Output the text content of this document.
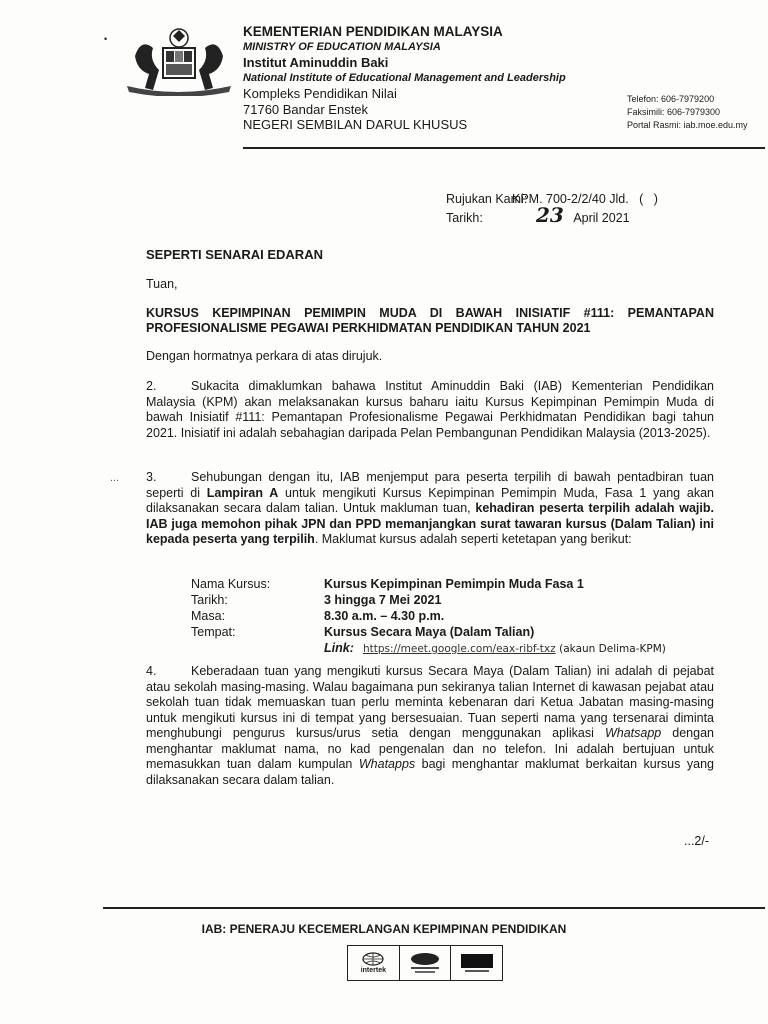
•	KEMENTERIAN PENDIDIKAN MALAYSIA
MINISTRY OF EDUCATION MALAYSIA
Institut Aminuddin Baki
National Institute of Educational Management and Leadership
Kompleks Pendidikan Nilai
71760 Bandar Enstek
NEGERI SEMBILAN DARUL KHUSUS
Telefon: 606-7979200
Faksimili: 606-7979300
Portal Rasmi: iab.moe.edu.my
Rujukan Kami:KPM. 700-2/2/40 Jld.   (   )
Tarikh:	23 April 2021
SEPERTI SENARAI EDARAN
Tuan,
KURSUS KEPIMPINAN PEMIMPIN MUDA DI BAWAH INISIATIF #111: PEMANTAPAN PROFESIONALISME PEGAWAI PERKHIDMATAN PENDIDIKAN TAHUN 2021
Dengan hormatnya perkara di atas dirujuk.
2.	Sukacita dimaklumkan bahawa Institut Aminuddin Baki (IAB) Kementerian Pendidikan Malaysia (KPM) akan melaksanakan kursus baharu iaitu Kursus Kepimpinan Pemimpin Muda di bawah Inisiatif #111: Pemantapan Profesionalisme Pegawai Perkhidmatan Pendidikan bagi tahun 2021. Inisiatif ini adalah sebahagian daripada Pelan Pembangunan Pendidikan Malaysia (2013-2025).
... 3.	Sehubungan dengan itu, IAB menjemput para peserta terpilih di bawah pentadbiran tuan seperti di Lampiran A untuk mengikuti Kursus Kepimpinan Pemimpin Muda, Fasa 1 yang akan dilaksanakan secara dalam talian. Untuk makluman tuan, kehadiran peserta terpilih adalah wajib. IAB juga memohon pihak JPN dan PPD memanjangkan surat tawaran kursus (Dalam Talian) ini kepada peserta yang terpilih. Maklumat kursus adalah seperti ketetapan yang berikut:
Nama Kursus:	Kursus Kepimpinan Pemimpin Muda Fasa 1
Tarikh:	3 hingga 7 Mei 2021
Masa:	8.30 a.m. – 4.30 p.m.
Tempat:	Kursus Secara Maya (Dalam Talian)
Link: https://meet.google.com/eax-ribf-txz (akaun Delima-KPM)
4.	Keberadaan tuan yang mengikuti kursus Secara Maya (Dalam Talian) ini adalah di pejabat atau sekolah masing-masing. Walau bagaimana pun sekiranya talian Internet di kawasan pejabat atau sekolah tuan tidak memuaskan tuan perlu meminta kebenaran dari Ketua Jabatan masing-masing untuk mengikuti kursus ini di tempat yang bersesuaian. Tuan seperti nama yang tersenarai diminta menghubungi pengurus kursus/urus setia dengan menggunakan aplikasi Whatsapp dengan menghantar maklumat nama, no kad pengenalan dan no telefon. Ini adalah bertujuan untuk memasukkan tuan dalam kumpulan Whatapps bagi menghantar maklumat berkaitan kursus yang dilaksanakan secara dalam talian.
...2/-
IAB: PENERAJU KECEMERLANGAN KEPIMPINAN PENDIDIKAN
intertek
